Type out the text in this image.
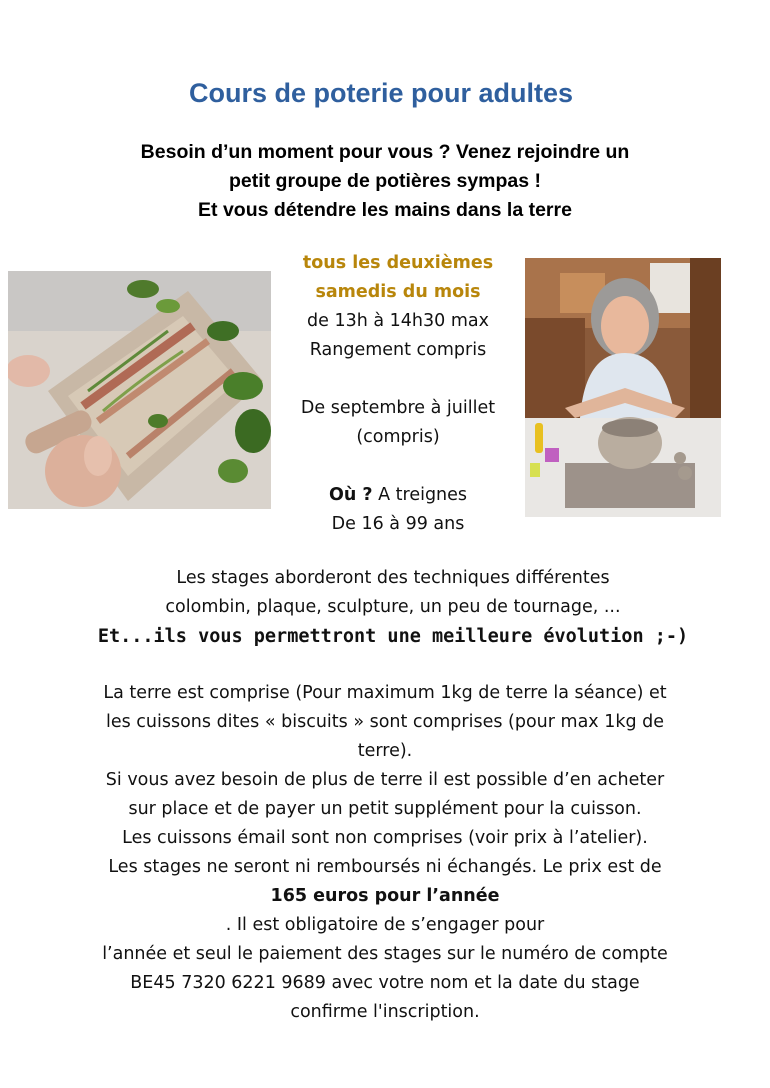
Cours de poterie pour adultes
Besoin d’un moment pour vous ? Venez rejoindre un
petit groupe de potières sympas !
Et vous détendre les mains dans la terre
tous les deuxièmes
samedis du mois
de 13h à 14h30 max
Rangement compris
De septembre à juillet
(compris)
Où ? A treignes
De 16 à 99 ans
Les stages aborderont des techniques différentes
colombin, plaque, sculpture, un peu de tournage, ...
Et...ils vous permettront une meilleure évolution ;-)
La terre est comprise (Pour maximum 1kg de terre la séance) et
les cuissons dites « biscuits » sont comprises (pour max 1kg de
terre).
Si vous avez besoin de plus de terre il est possible d’en acheter
sur place et de payer un petit supplément pour la cuisson.
Les cuissons émail sont non comprises (voir prix à l’atelier).
Les stages ne seront ni remboursés ni échangés. Le prix est de
165 euros pour l’année
. Il est obligatoire de s’engager pour
l’année et seul le paiement des stages sur le numéro de compte
BE45 7320 6221 9689 avec votre nom et la date du stage
confirme l'inscription.
